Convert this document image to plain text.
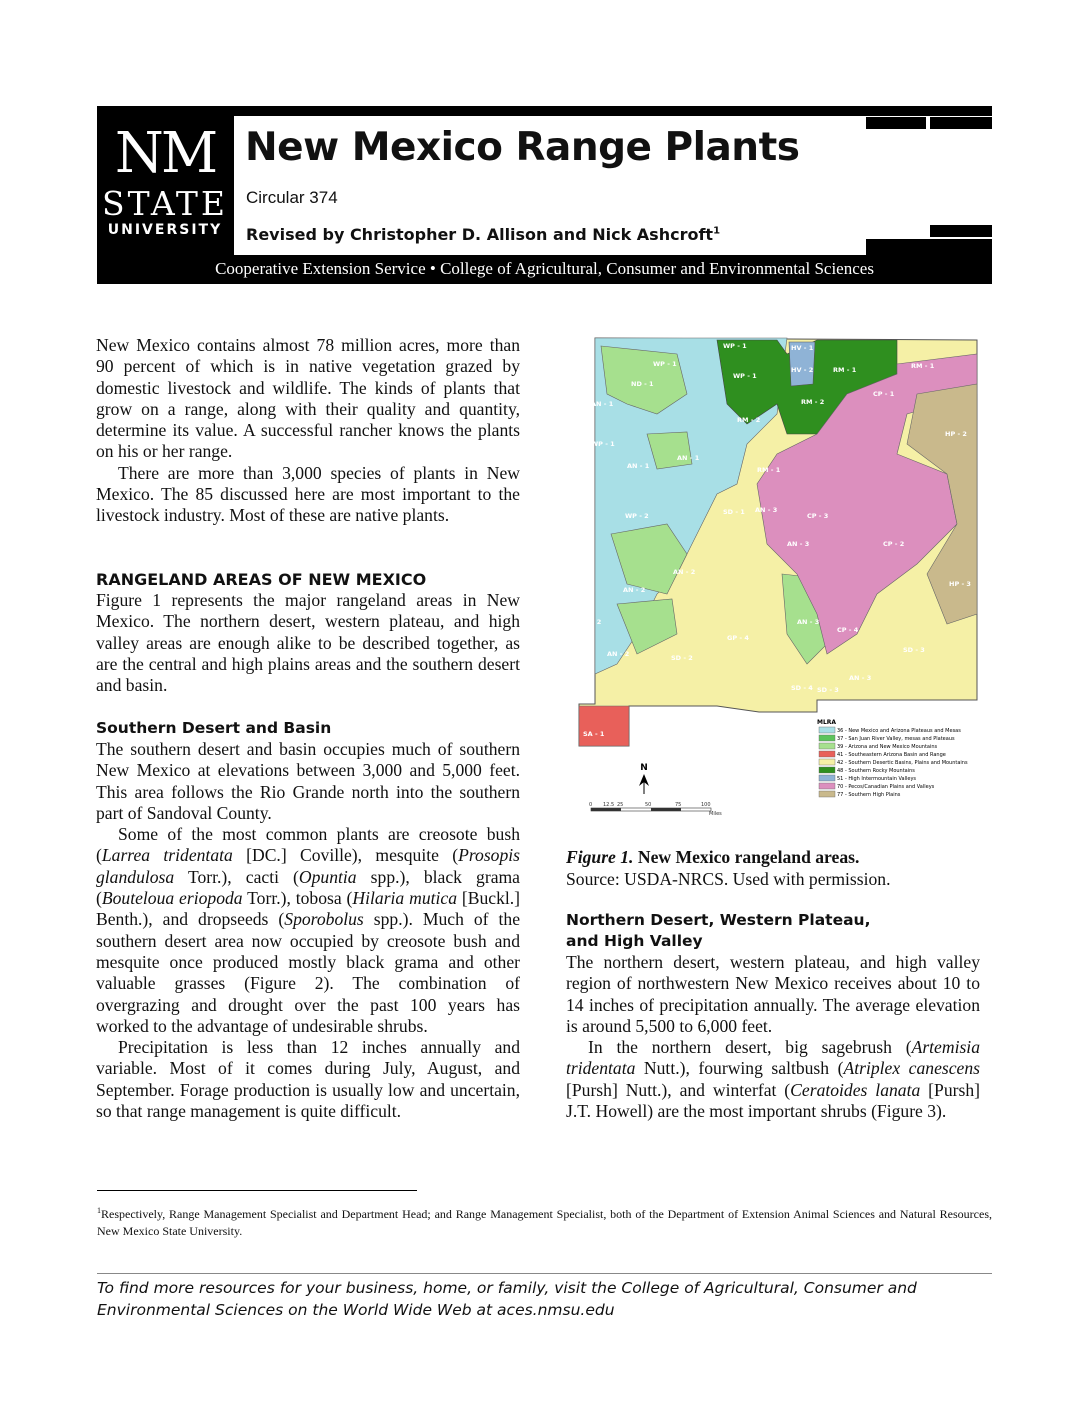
NM
STATE
UNIVERSITY
New Mexico Range Plants
Circular 374
Revised by Christopher D. Allison and Nick Ashcroft$^1$
Cooperative Extension Service • College of Agricultural, Consumer and Environmental Sciences

New Mexico contains almost 78 million acres, more than 90 percent of which is in native vegetation grazed by domestic livestock and wildlife. The kinds of plants that grow on a range, along with their quality and quantity, determine its value. A successful rancher knows the plants on his or her range.

There are more than 3,000 species of plants in New Mexico. The 85 discussed here are most important to the livestock industry. Most of these are native plants.

RANGELAND AREAS OF NEW MEXICO

Figure 1 represents the major rangeland areas in New Mexico. The northern desert, western plateau, and high valley areas are enough alike to be described together, as are the central and high plains areas and the southern desert and basin.

Southern Desert and Basin

The southern desert and basin occupies much of southern New Mexico at elevations between 3,000 and 5,000 feet. This area follows the Rio Grande north into the southern part of Sandoval County.

Some of the most common plants are creosote bush (Larrea tridentata [DC.] Coville), mesquite (Prosopis glandulosa Torr.), cacti (Opuntia spp.), black grama (Bouteloua eriopoda Torr.), tobosa (Hilaria mutica [Buckl.] Benth.), and dropseeds (Sporobolus spp.). Much of the southern desert area now occupied by creosote bush and mesquite once produced mostly black grama and other valuable grasses (Figure 2). The combination of overgrazing and drought over the past 100 years has worked to the advantage of undesirable shrubs.

Precipitation is less than 12 inches annually and variable. Most of it comes during July, August, and September. Forage production is usually low and uncertain, so that range management is quite difficult.

WP - 1	HV - 1
HV - 2	RM - 1	RM - 1
ND - 1
WP - 1
WP - 1
RM - 2
RM - 2
CP - 1
AN - 1
HP - 2
WP - 1
AN - 1
AN - 1
RM - 1
WP - 2	SD - 1 AN - 3
CP - 3
AN - 3	CP - 2
AN - 2
AN - 2
HP - 3
AN - 2	AN - 3
CP - 4
GP - 4
AN - 2	SD - 2
SD - 3
AN - 3
SD - 4 SD - 3
SA - 1
N
0 12.5 25	50	75	100
Miles
MLRA
36 - New Mexico and Arizona Plateaus and Mesas
37 - San Juan River Valley, mesas and Plateaus
39 - Arizona and New Mexico Mountains
41 - Southeastern Arizona Basin and Range
42 - Southern Desertic Basins, Plains and Mountains
48 - Southern Rocky Mountains
51 - High Intermountain Valleys
70 - Pecos/Canadian Plains and Valleys
77 - Southern High Plains
Figure 1. New Mexico rangeland areas.
Source: USDA-NRCS. Used with permission.

Northern Desert, Western Plateau,

and High Valley

The northern desert, western plateau, and high valley region of northwestern New Mexico receives about 10 to 14 inches of precipitation annually. The average elevation is around 5,500 to 6,000 feet.

In the northern desert, big sagebrush (Artemisia tridentata Nutt.), fourwing saltbush (Atriplex canescens [Pursh] Nutt.), and winterfat (Ceratoides lanata [Pursh] J.T. Howell) are the most important shrubs (Figure 3).

$^1$Respectively, Range Management Specialist and Department Head; and Range Management Specialist, both of the Department of Extension Animal Sciences and Natural Resources, New Mexico State University.
To find more resources for your business, home, or family, visit the College of Agricultural, Consumer and Environmental Sciences on the World Wide Web at aces.nmsu.edu
